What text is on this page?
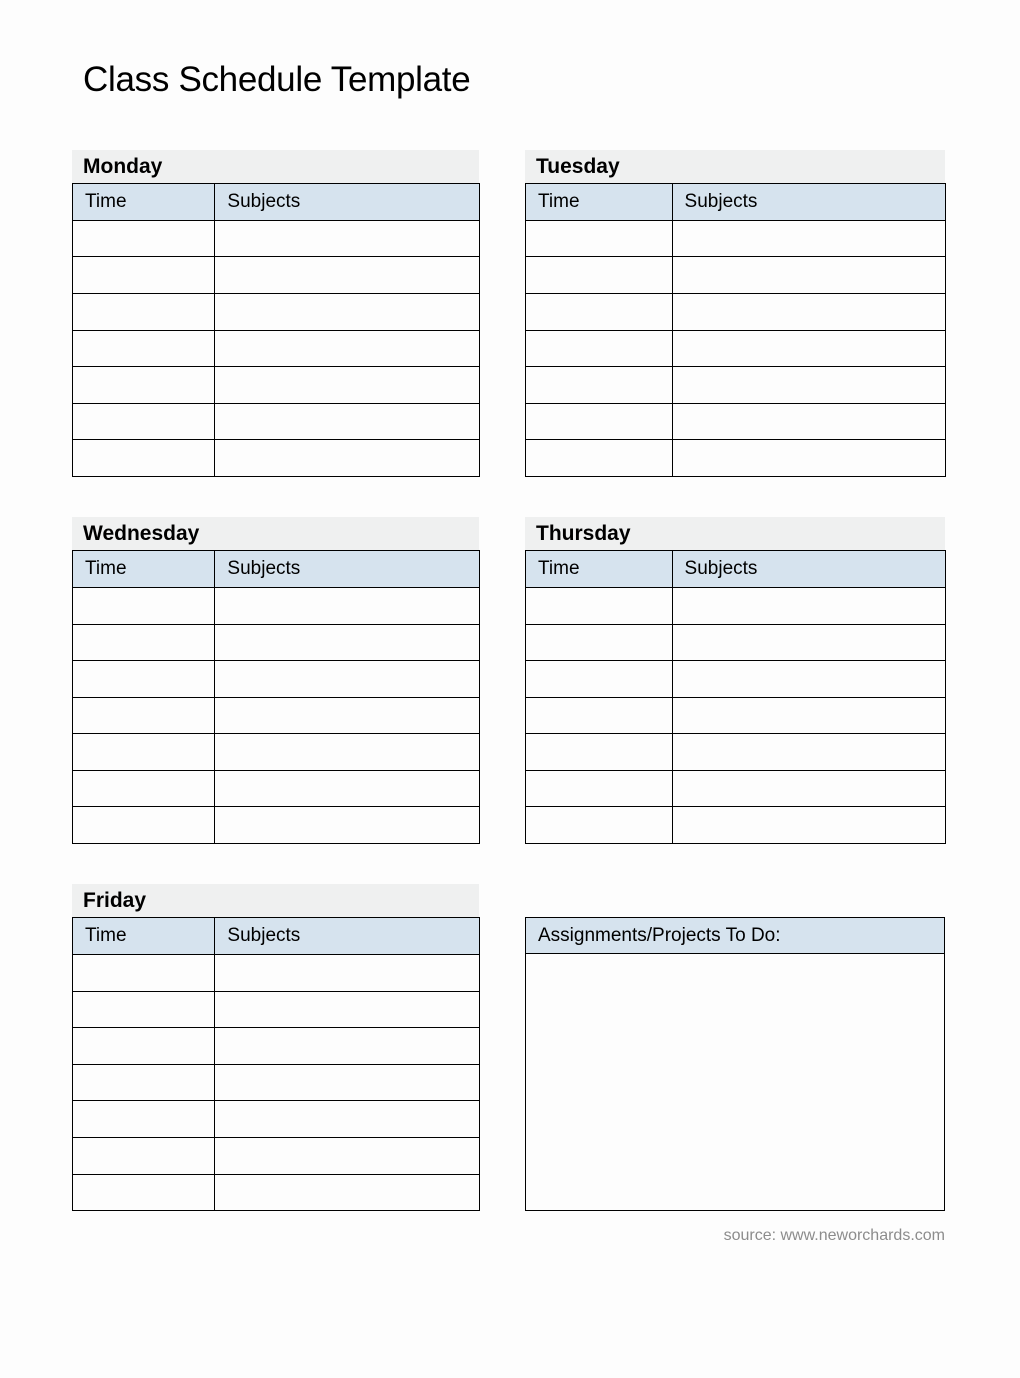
Class Schedule Template
Monday
Time	Subjects

Tuesday
Time	Subjects

Wednesday
Time	Subjects

Thursday
Time	Subjects

Friday
Time	Subjects

		Assignments/Projects To Do:
source: www.neworchards.com
